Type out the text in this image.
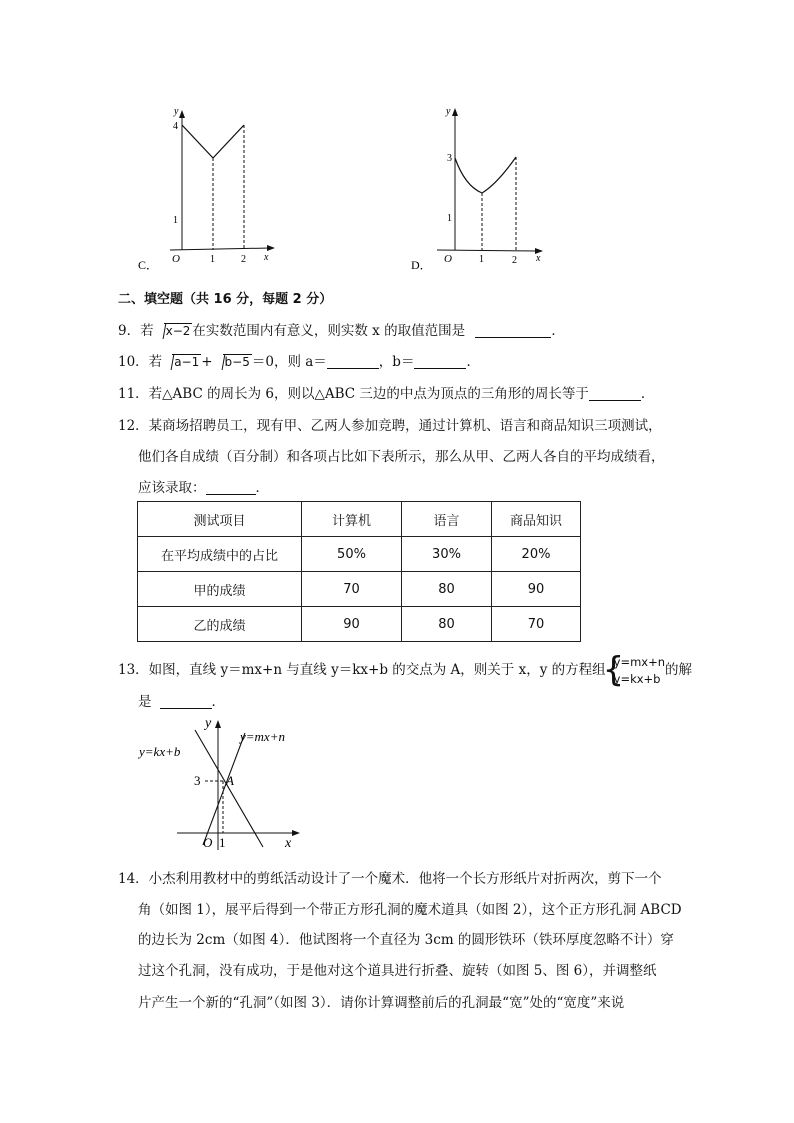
y
4
1
O	1	2 x
C．
y
3
1
O	1	2 x
D．
二、填空题（共 16 分，每题 2 分）
9．若 x−2 在实数范围内有意义，则实数 x 的取值范围是	．
10．若 a−1 + b−5 ＝0，则 a＝	，b＝	．
11．若△ABC 的周长为 6，则以△ABC 三边的中点为顶点的三角形的周长等于	．
12．某商场招聘员工，现有甲、乙两人参加竞聘，通过计算机、语言和商品知识三项测试，
他们各自成绩（百分制）和各项占比如下表所示，那么从甲、乙两人各自的平均成绩看，
应该录取：	．
测试项目	计算机	语言	商品知识
在平均成绩中的占比	50%	30%	20%
甲的成绩	70	80	90
乙的成绩	90	80	70
13．如图，直线 y＝mx+n 与直线 y＝kx+b 的交点为 A，则关于 x，y 的方程组{ y=mx+n
y=kx+b的解
是	．
y=kx+b
y=mx+n
A
3
O 1	x
y
14．小杰利用教材中的剪纸活动设计了一个魔术．他将一个长方形纸片对折两次，剪下一个
角（如图 1），展平后得到一个带正方形孔洞的魔术道具（如图 2），这个正方形孔洞 ABCD
的边长为 2cm（如图 4）．他试图将一个直径为 3cm 的圆形铁环（铁环厚度忽略不计）穿
过这个孔洞，没有成功，于是他对这个道具进行折叠、旋转（如图 5、图 6），并调整纸
片产生一个新的“孔洞”（如图 3）．请你计算调整前后的孔洞最“宽”处的“宽度”来说
